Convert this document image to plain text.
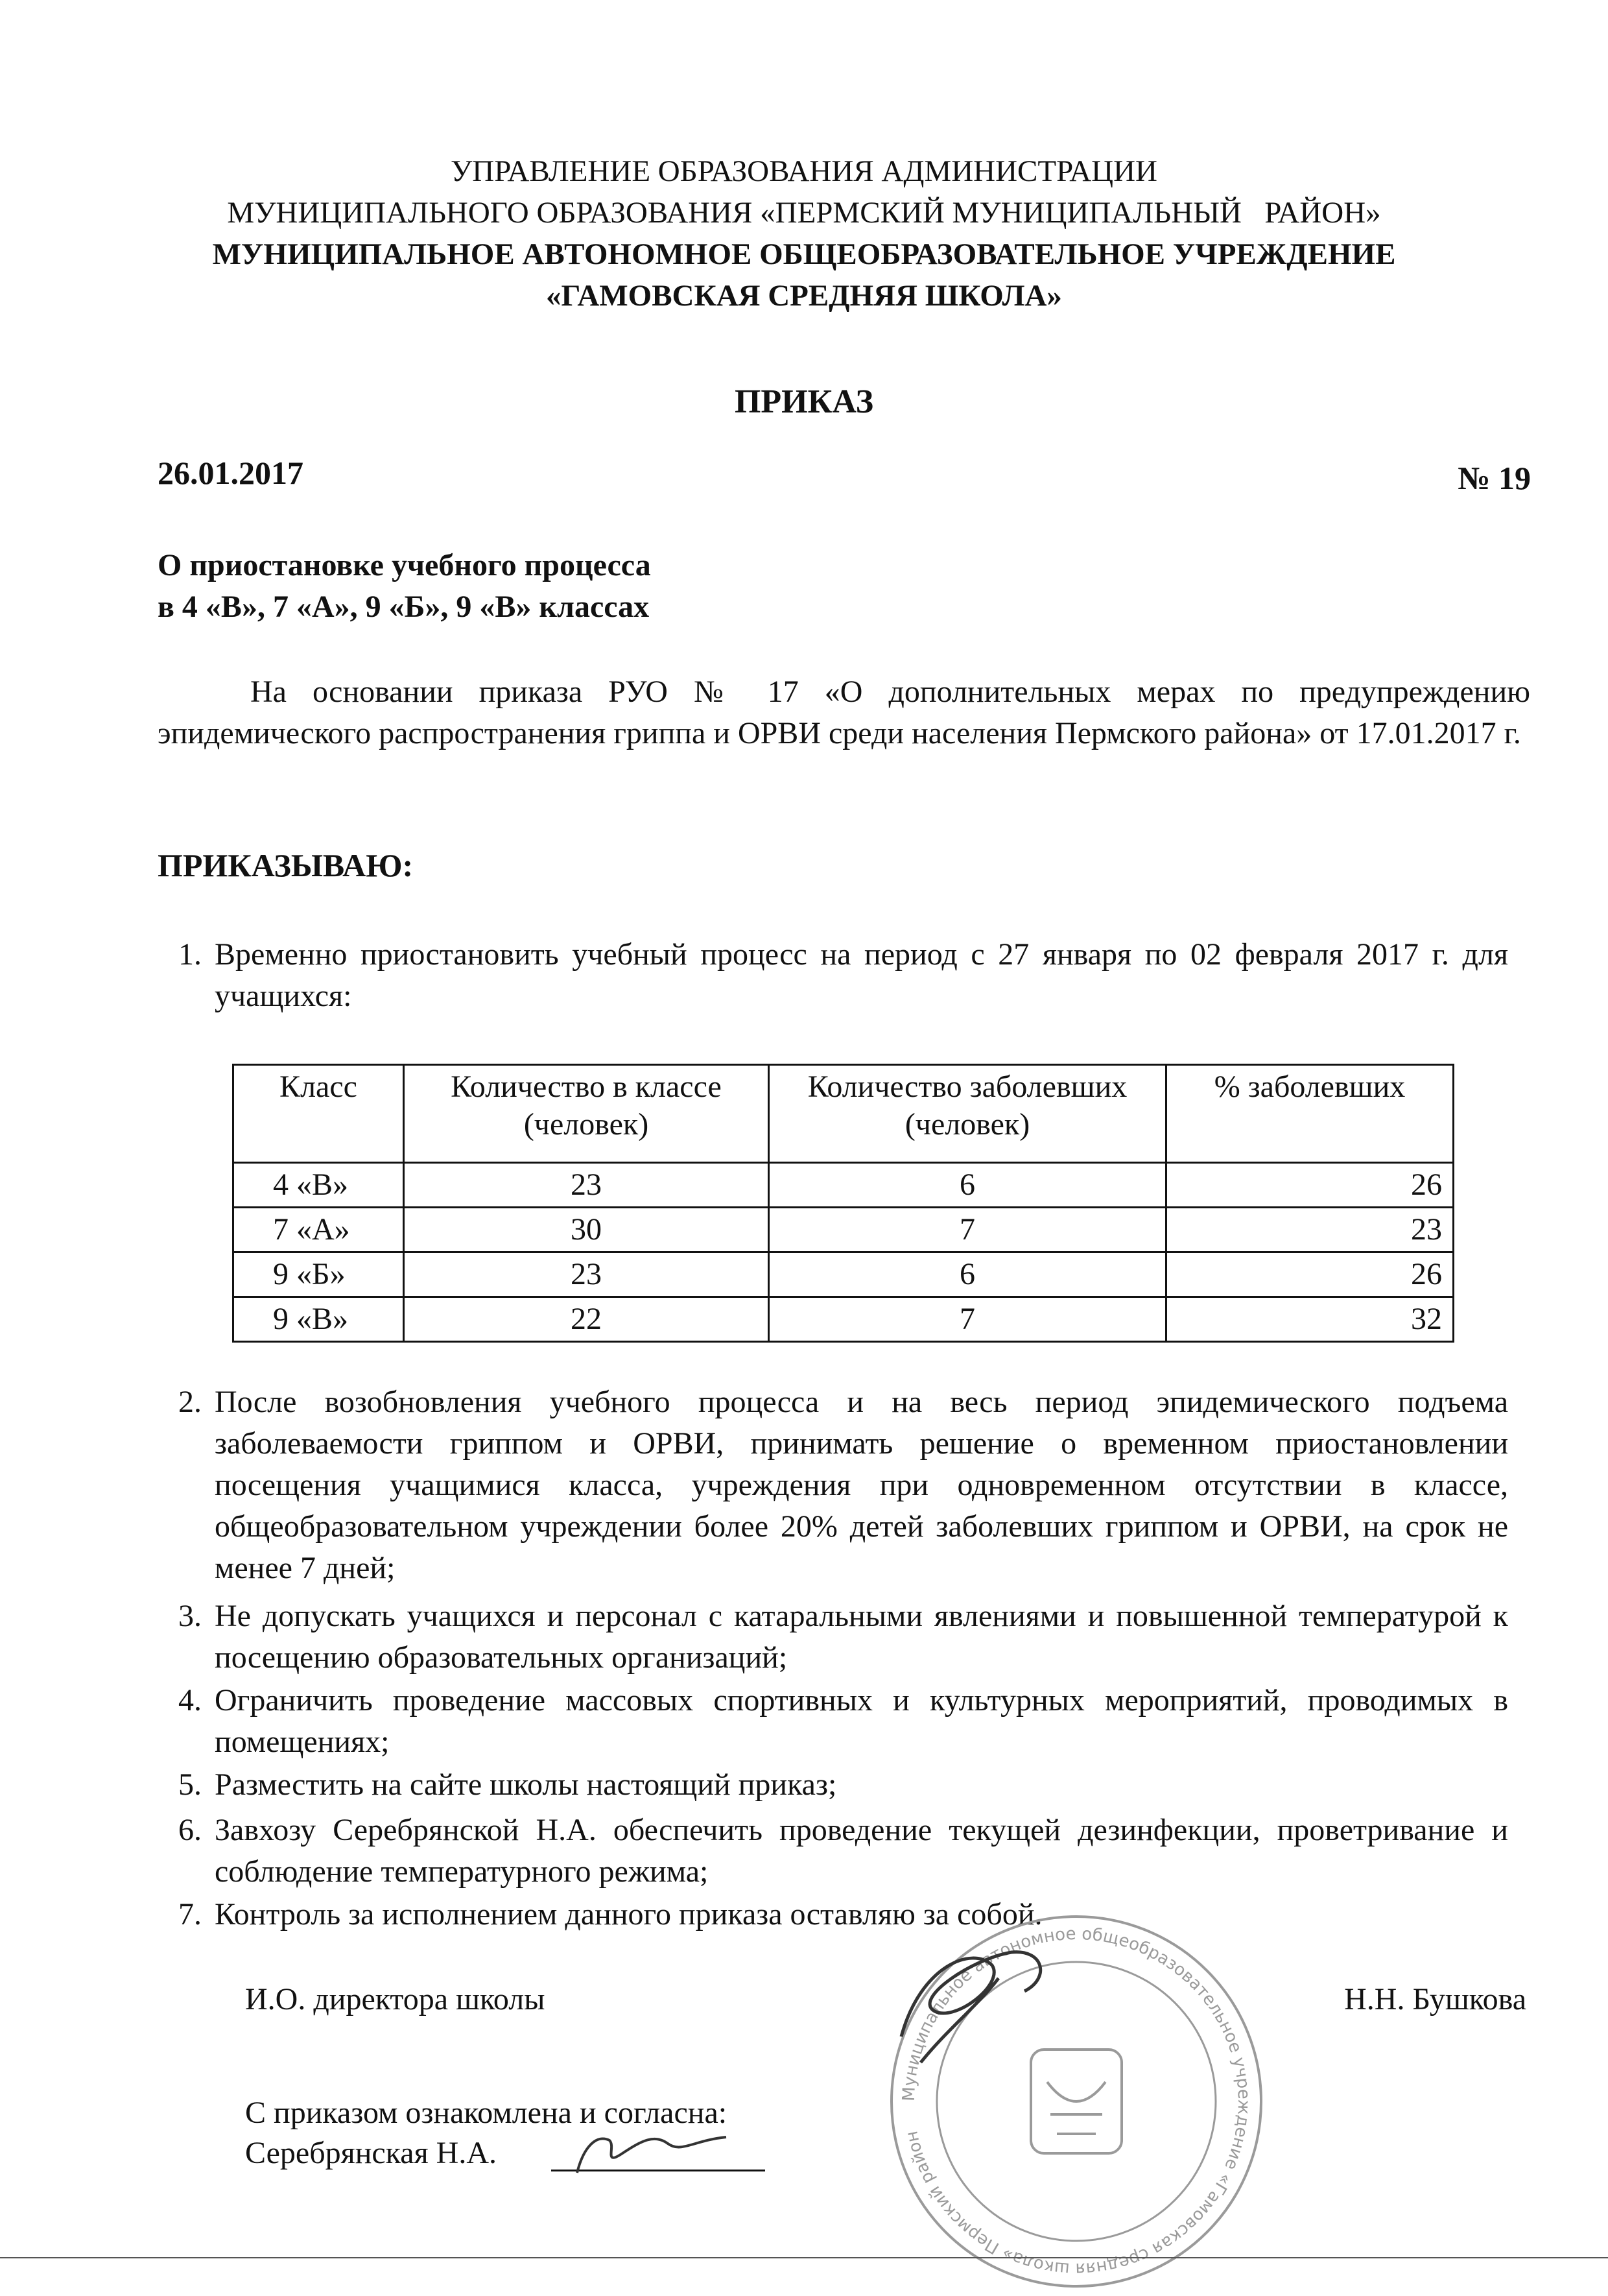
УПРАВЛЕНИЕ ОБРАЗОВАНИЯ АДМИНИСТРАЦИИ
МУНИЦИПАЛЬНОГО ОБРАЗОВАНИЯ «ПЕРМСКИЙ МУНИЦИПАЛЬНЫЙ   РАЙОН»
МУНИЦИПАЛЬНОЕ АВТОНОМНОЕ ОБЩЕОБРАЗОВАТЕЛЬНОЕ УЧРЕЖДЕНИЕ
«ГАМОВСКАЯ СРЕДНЯЯ ШКОЛА»
ПРИКАЗ
26.01.2017	№ 19
О приостановке учебного процесса
в 4 «В», 7 «А», 9 «Б», 9 «В» классах
На основании приказа РУО № 17 «О дополнительных мерах по предупреждению эпидемического распространения гриппа и ОРВИ среди населения Пермского района» от 17.01.2017 г.
ПРИКАЗЫВАЮ:
1. Временно приостановить учебный процесс на период с 27 января по 02 февраля 2017 г. для учащихся:
Класс	Количество в классе (человек)	Количество заболевших (человек)	% заболевших
4 «В»	23	6	26
7 «А»	30	7	23
9 «Б»	23	6	26
9 «В»	22	7	32
2. После возобновления учебного процесса и на весь период эпидемического подъема заболеваемости гриппом и ОРВИ, принимать решение о временном приостановлении посещения учащимися класса, учреждения при одновременном отсутствии в классе, общеобразовательном учреждении более 20% детей заболевших гриппом и ОРВИ, на срок не менее 7 дней;
3. Не допускать учащихся и персонал с катаральными явлениями и повышенной температурой к посещению образовательных организаций;
4. Ограничить проведение массовых спортивных и культурных мероприятий, проводимых в помещениях;
5. Разместить на сайте школы настоящий приказ;
6. Завхозу Серебрянской Н.А. обеспечить проведение текущей дезинфекции, проветривание и соблюдение температурного режима;
7. Контроль за исполнением данного приказа оставляю за собой.
Муниципальное автономное общеобразовательное учреждение «Гамовская средняя школа» Пермский район
И.О. директора школы	Н.Н. Бушкова
С приказом ознакомлена и согласна:
Серебрянская Н.А.
